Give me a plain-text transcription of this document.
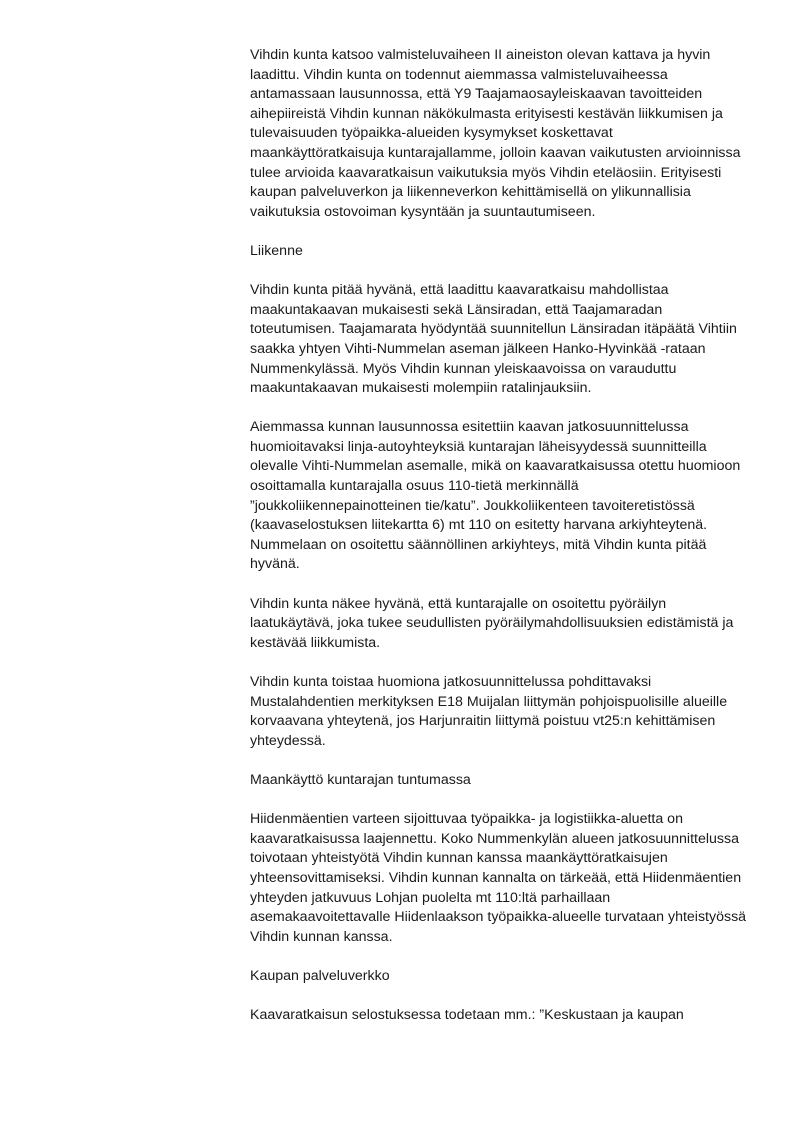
Vihdin kunta katsoo valmisteluvaiheen II aineiston olevan kattava ja hyvin laadittu. Vihdin kunta on todennut aiemmassa valmisteluvaiheessa antamassaan lausunnossa, että Y9 Taajamaosayleiskaavan tavoitteiden aihepiireistä Vihdin kunnan näkökulmasta erityisesti kestävän liikkumisen ja tulevaisuuden työpaikka-alueiden kysymykset koskettavat maankäyttöratkaisuja kuntarajallamme, jolloin kaavan vaikutusten arvioinnissa tulee arvioida kaavaratkaisun vaikutuksia myös Vihdin eteläosiin. Erityisesti kaupan palveluverkon ja liikenneverkon kehittämisellä on ylikunnallisia vaikutuksia ostovoiman kysyntään ja suuntautumiseen.

Liikenne

Vihdin kunta pitää hyvänä, että laadittu kaavaratkaisu mahdollistaa maakuntakaavan mukaisesti sekä Länsiradan, että Taajamaradan toteutumisen. Taajamarata hyödyntää suunnitellun Länsiradan itäpäätä Vihtiin saakka yhtyen Vihti-Nummelan aseman jälkeen Hanko-Hyvinkää -rataan Nummenkylässä. Myös Vihdin kunnan yleiskaavoissa on varauduttu maakuntakaavan mukaisesti molempiin ratalinjauksiin.

Aiemmassa kunnan lausunnossa esitettiin kaavan jatkosuunnittelussa huomioitavaksi linja-autoyhteyksiä kuntarajan läheisyydessä suunnitteilla olevalle Vihti-Nummelan asemalle, mikä on kaavaratkaisussa otettu huomioon osoittamalla kuntarajalla osuus 110-tietä merkinnällä ”joukkoliikennepainotteinen tie/katu”. Joukkoliikenteen tavoiteretistössä (kaavaselostuksen liitekartta 6) mt 110 on esitetty harvana arkiyhteytenä. Nummelaan on osoitettu säännöllinen arkiyhteys, mitä Vihdin kunta pitää hyvänä.

Vihdin kunta näkee hyvänä, että kuntarajalle on osoitettu pyöräilyn laatukäytävä, joka tukee seudullisten pyöräilymahdollisuuksien edistämistä ja kestävää liikkumista.

Vihdin kunta toistaa huomiona jatkosuunnittelussa pohdittavaksi Mustalahdentien merkityksen E18 Muijalan liittymän pohjoispuolisille alueille korvaavana yhteytenä, jos Harjunraitin liittymä poistuu vt25:n kehittämisen yhteydessä.

Maankäyttö kuntarajan tuntumassa

Hiidenmäentien varteen sijoittuvaa työpaikka- ja logistiikka-aluetta on kaavaratkaisussa laajennettu. Koko Nummenkylän alueen jatkosuunnittelussa toivotaan yhteistyötä Vihdin kunnan kanssa maankäyttöratkaisujen yhteensovittamiseksi. Vihdin kunnan kannalta on tärkeää, että Hiidenmäentien yhteyden jatkuvuus Lohjan puolelta mt 110:ltä parhaillaan asemakaavoitettavalle Hiidenlaakson työpaikka-alueelle turvataan yhteistyössä Vihdin kunnan kanssa.

Kaupan palveluverkko

Kaavaratkaisun selostuksessa todetaan mm.: ”Keskustaan ja kaupan
